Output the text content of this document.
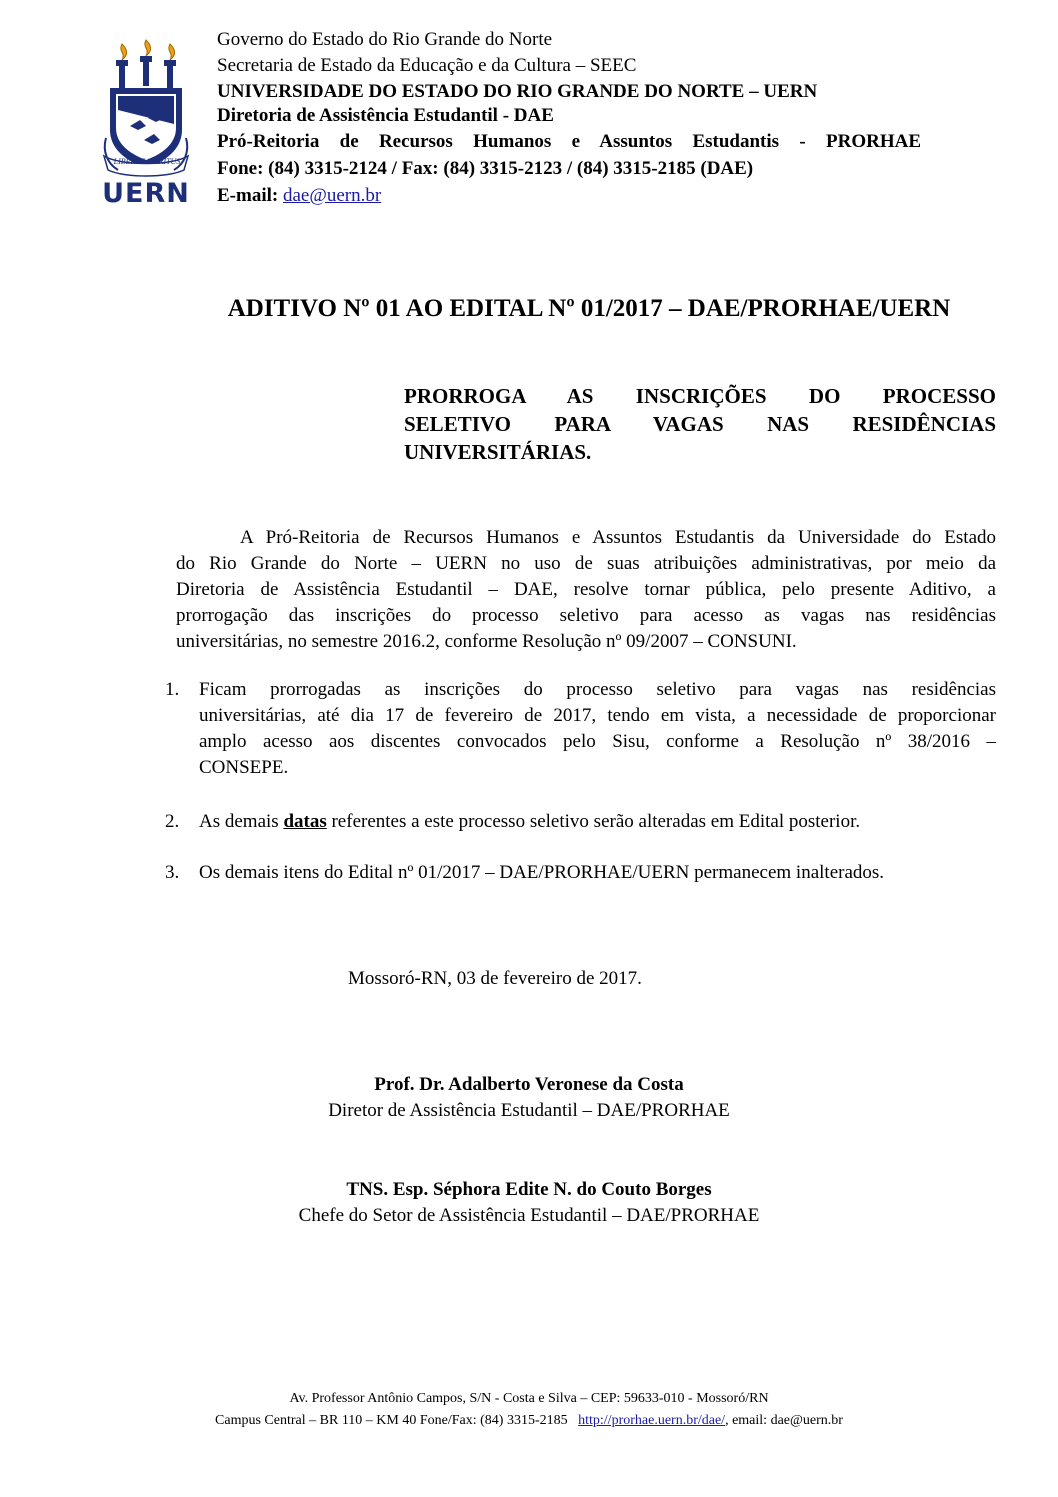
LIBER VI SPIRITUS
UERN
Governo do Estado do Rio Grande do Norte
Secretaria de Estado da Educação e da Cultura – SEEC
UNIVERSIDADE DO ESTADO DO RIO GRANDE DO NORTE – UERN
Diretoria de Assistência Estudantil - DAE
Pró-Reitoria de Recursos Humanos e Assuntos Estudantis - PRORHAE
Fone: (84) 3315-2124 / Fax: (84) 3315-2123 / (84) 3315-2185 (DAE)
E-mail: dae@uern.br
ADITIVO Nº 01 AO EDITAL Nº 01/2017 – DAE/PRORHAE/UERN
PRORROGA AS INSCRIÇÕES DO PROCESSO
SELETIVO PARA VAGAS NAS RESIDÊNCIAS
UNIVERSITÁRIAS.
A Pró-Reitoria de Recursos Humanos e Assuntos Estudantis da Universidade do Estado
do Rio Grande do Norte – UERN no uso de suas atribuições administrativas, por meio da
Diretoria de Assistência Estudantil – DAE, resolve tornar pública, pelo presente Aditivo, a
prorrogação das inscrições do processo seletivo para acesso as vagas nas residências
universitárias, no semestre 2016.2, conforme Resolução nº 09/2007 – CONSUNI.
1. Ficam prorrogadas as inscrições do processo seletivo para vagas nas residências
universitárias, até dia 17 de fevereiro de 2017, tendo em vista, a necessidade de proporcionar
amplo acesso aos discentes convocados pelo Sisu, conforme a Resolução nº 38/2016 –
CONSEPE.
2. As demais datas referentes a este processo seletivo serão alteradas em Edital posterior.
3. Os demais itens do Edital nº 01/2017 – DAE/PRORHAE/UERN permanecem inalterados.
Mossoró-RN, 03 de fevereiro de 2017.
Prof. Dr. Adalberto Veronese da Costa
Diretor de Assistência Estudantil – DAE/PRORHAE
TNS. Esp. Séphora Edite N. do Couto Borges
Chefe do Setor de Assistência Estudantil – DAE/PRORHAE
Av. Professor Antônio Campos, S/N - Costa e Silva – CEP: 59633-010 - Mossoró/RN
Campus Central – BR 110 – KM 40 Fone/Fax: (84) 3315-2185 http://prorhae.uern.br/dae/, email: dae@uern.br
